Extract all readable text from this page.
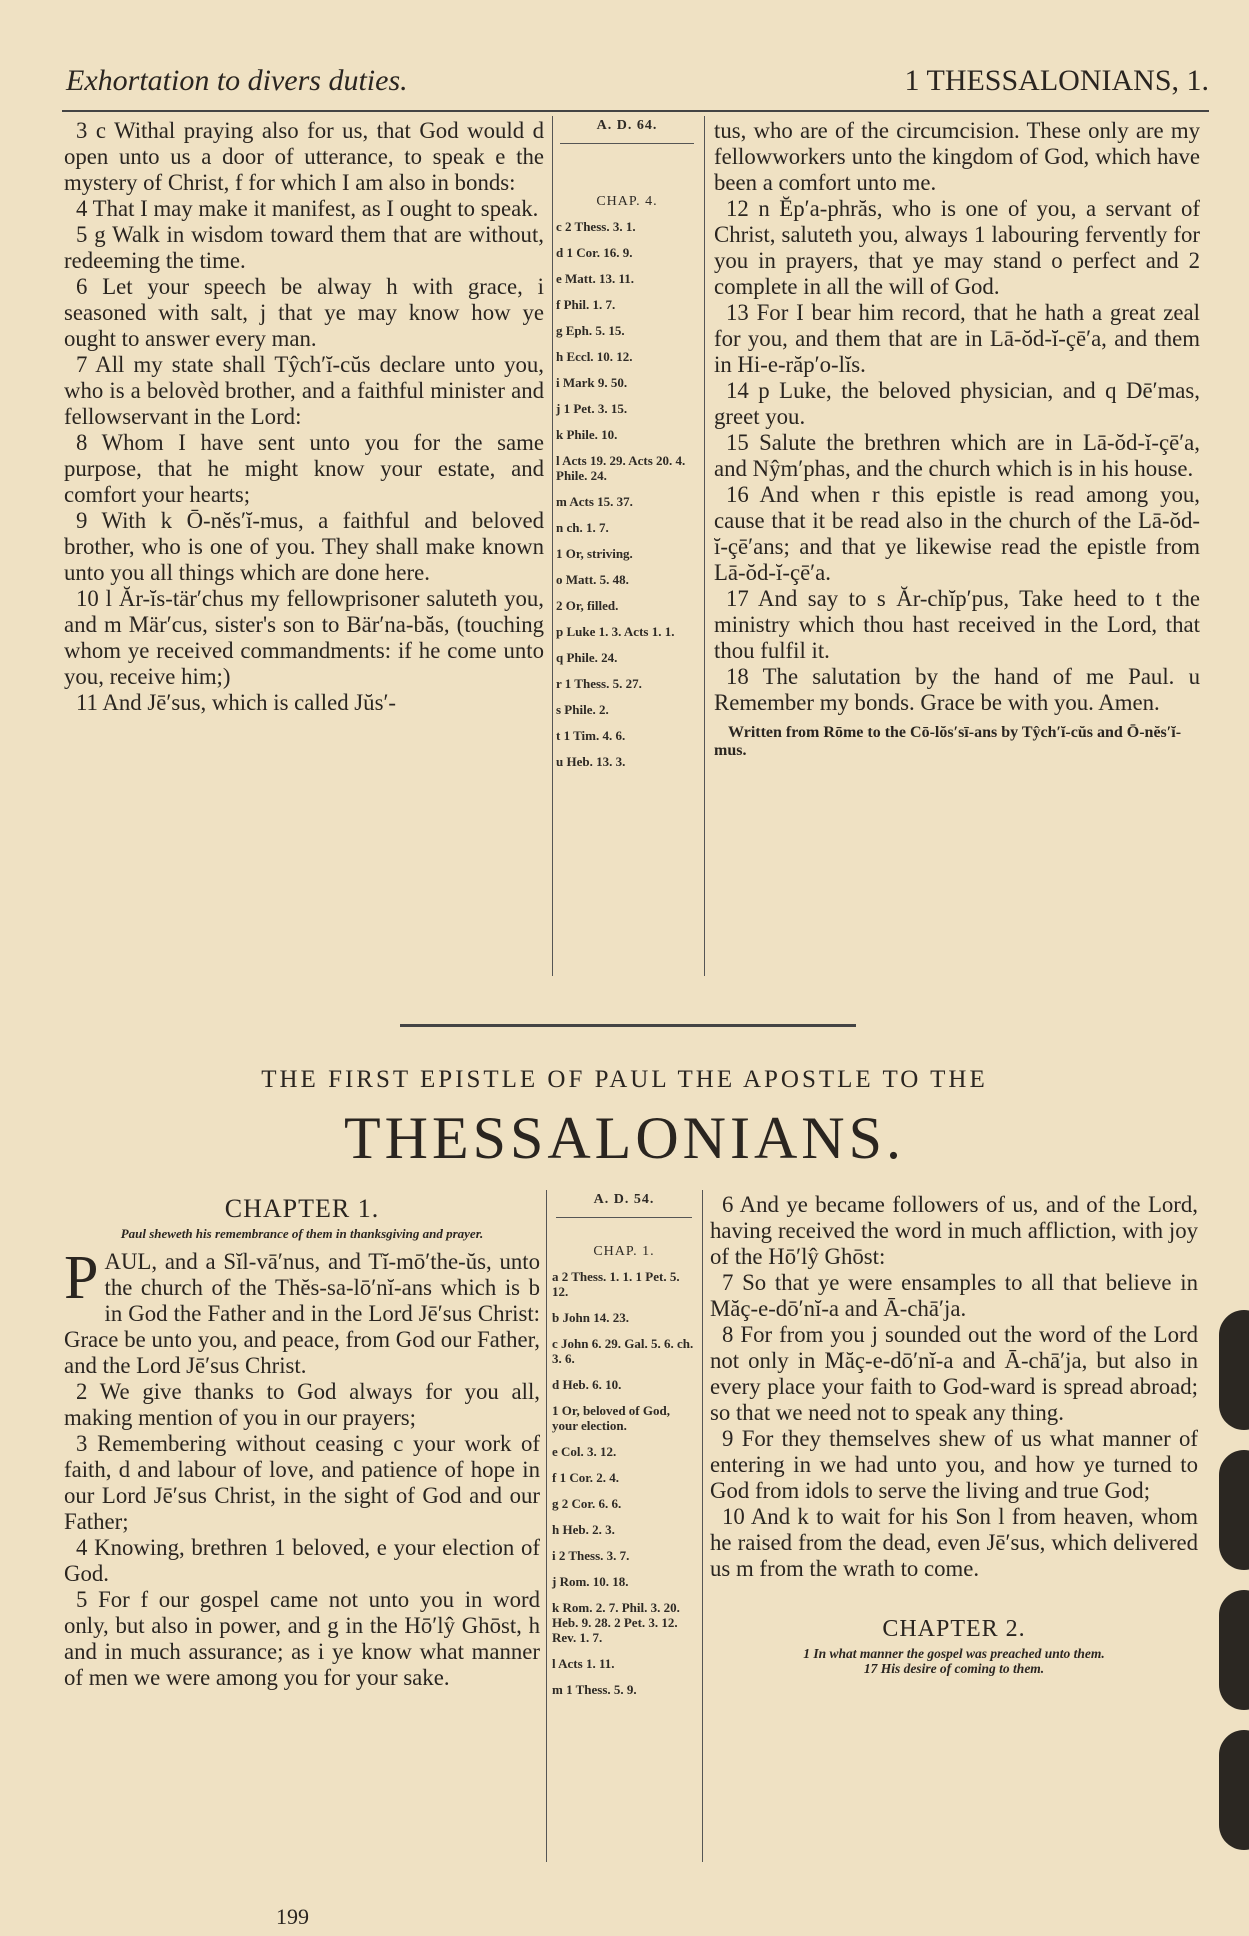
Exhortation to divers duties.	1 THESSALONIANS, 1.

3 c Withal praying also for us, that God would d open unto us a door of utterance, to speak e the mystery of Christ, f for which I am also in bonds:

4 That I may make it manifest, as I ought to speak.

5 g Walk in wisdom toward them that are without, redeeming the time.

6 Let your speech be alway h with grace, i seasoned with salt, j that ye may know how ye ought to answer every man.

7 All my state shall Tŷch′ĭ-cŭs declare unto you, who is a belovèd brother, and a faithful minister and fellowservant in the Lord:

8 Whom I have sent unto you for the same purpose, that he might know your estate, and comfort your hearts;

9 With k Ō-nĕs′ĭ-mus, a faithful and beloved brother, who is one of you. They shall make known unto you all things which are done here.

10 l Ăr-ĭs-tär′chus my fellowprisoner saluteth you, and m Mär′cus, sister's son to Bär′na-băs, (touching whom ye received commandments: if he come unto you, receive him;)

11 And Jē′sus, which is called Jŭs′-

A. D. 64.
CHAP. 4.
c 2 Thess. 3. 1.
d 1 Cor. 16. 9.
e Matt. 13. 11.
f Phil. 1. 7.
g Eph. 5. 15.
h Eccl. 10. 12.
i Mark 9. 50.
j 1 Pet. 3. 15.
k Phile. 10.
l Acts 19. 29. Acts 20. 4. Phile. 24.
m Acts 15. 37.
n ch. 1. 7.
1 Or, striving.
o Matt. 5. 48.
2 Or, filled.
p Luke 1. 3. Acts 1. 1.
q Phile. 24.
r 1 Thess. 5. 27.
s Phile. 2.
t 1 Tim. 4. 6.
u Heb. 13. 3.

tus, who are of the circumcision. These only are my fellowworkers unto the kingdom of God, which have been a comfort unto me.

12 n Ĕp′a-phrăs, who is one of you, a servant of Christ, saluteth you, always 1 labouring fervently for you in prayers, that ye may stand o perfect and 2 complete in all the will of God.

13 For I bear him record, that he hath a great zeal for you, and them that are in Lā-ŏd-ĭ-çē′a, and them in Hi-e-răp′o-lĭs.

14 p Luke, the beloved physician, and q Dē′mas, greet you.

15 Salute the brethren which are in Lā-ŏd-ĭ-çē′a, and Nŷm′phas, and the church which is in his house.

16 And when r this epistle is read among you, cause that it be read also in the church of the Lā-ŏd-ĭ-çē′ans; and that ye likewise read the epistle from Lā-ŏd-ĭ-çē′a.

17 And say to s Ăr-chĭp′pus, Take heed to t the ministry which thou hast received in the Lord, that thou fulfil it.

18 The salutation by the hand of me Paul. u Remember my bonds. Grace be with you. Amen.

Written from Rōme to the Cō-lŏs′sī-ans by Tŷch′ĭ-cŭs and Ō-nĕs′ĭ-mus.
THE FIRST EPISTLE OF PAUL THE APOSTLE TO THE
THESSALONIANS.
CHAPTER 1.
Paul sheweth his remembrance of them in thanksgiving and prayer.

PAUL, and a Sĭl-vā′nus, and Tĭ-mō′the-ŭs, unto the church of the Thĕs-sa-lō′nĭ-ans which is b in God the Father and in the Lord Jē′sus Christ: Grace be unto you, and peace, from God our Father, and the Lord Jē′sus Christ.

2 We give thanks to God always for you all, making mention of you in our prayers;

3 Remembering without ceasing c your work of faith, d and labour of love, and patience of hope in our Lord Jē′sus Christ, in the sight of God and our Father;

4 Knowing, brethren 1 beloved, e your election of God.

5 For f our gospel came not unto you in word only, but also in power, and g in the Hō′lŷ Ghōst, h and in much assurance; as i ye know what manner of men we were among you for your sake.

A. D. 54.
CHAP. 1.
a 2 Thess. 1. 1. 1 Pet. 5. 12.
b John 14. 23.
c John 6. 29. Gal. 5. 6. ch. 3. 6.
d Heb. 6. 10.
1 Or, beloved of God, your election.
e Col. 3. 12.
f 1 Cor. 2. 4.
g 2 Cor. 6. 6.
h Heb. 2. 3.
i 2 Thess. 3. 7.
j Rom. 10. 18.
k Rom. 2. 7. Phil. 3. 20. Heb. 9. 28. 2 Pet. 3. 12. Rev. 1. 7.
l Acts 1. 11.
m 1 Thess. 5. 9.

6 And ye became followers of us, and of the Lord, having received the word in much affliction, with joy of the Hō′lŷ Ghōst:

7 So that ye were ensamples to all that believe in Măç-e-dō′nĭ-a and Ā-chā′ja.

8 For from you j sounded out the word of the Lord not only in Măç-e-dō′nĭ-a and Ā-chā′ja, but also in every place your faith to God-ward is spread abroad; so that we need not to speak any thing.

9 For they themselves shew of us what manner of entering in we had unto you, and how ye turned to God from idols to serve the living and true God;

10 And k to wait for his Son l from heaven, whom he raised from the dead, even Jē′sus, which delivered us m from the wrath to come.

CHAPTER 2.
1 In what manner the gospel was preached unto them.
17 His desire of coming to them.
199
